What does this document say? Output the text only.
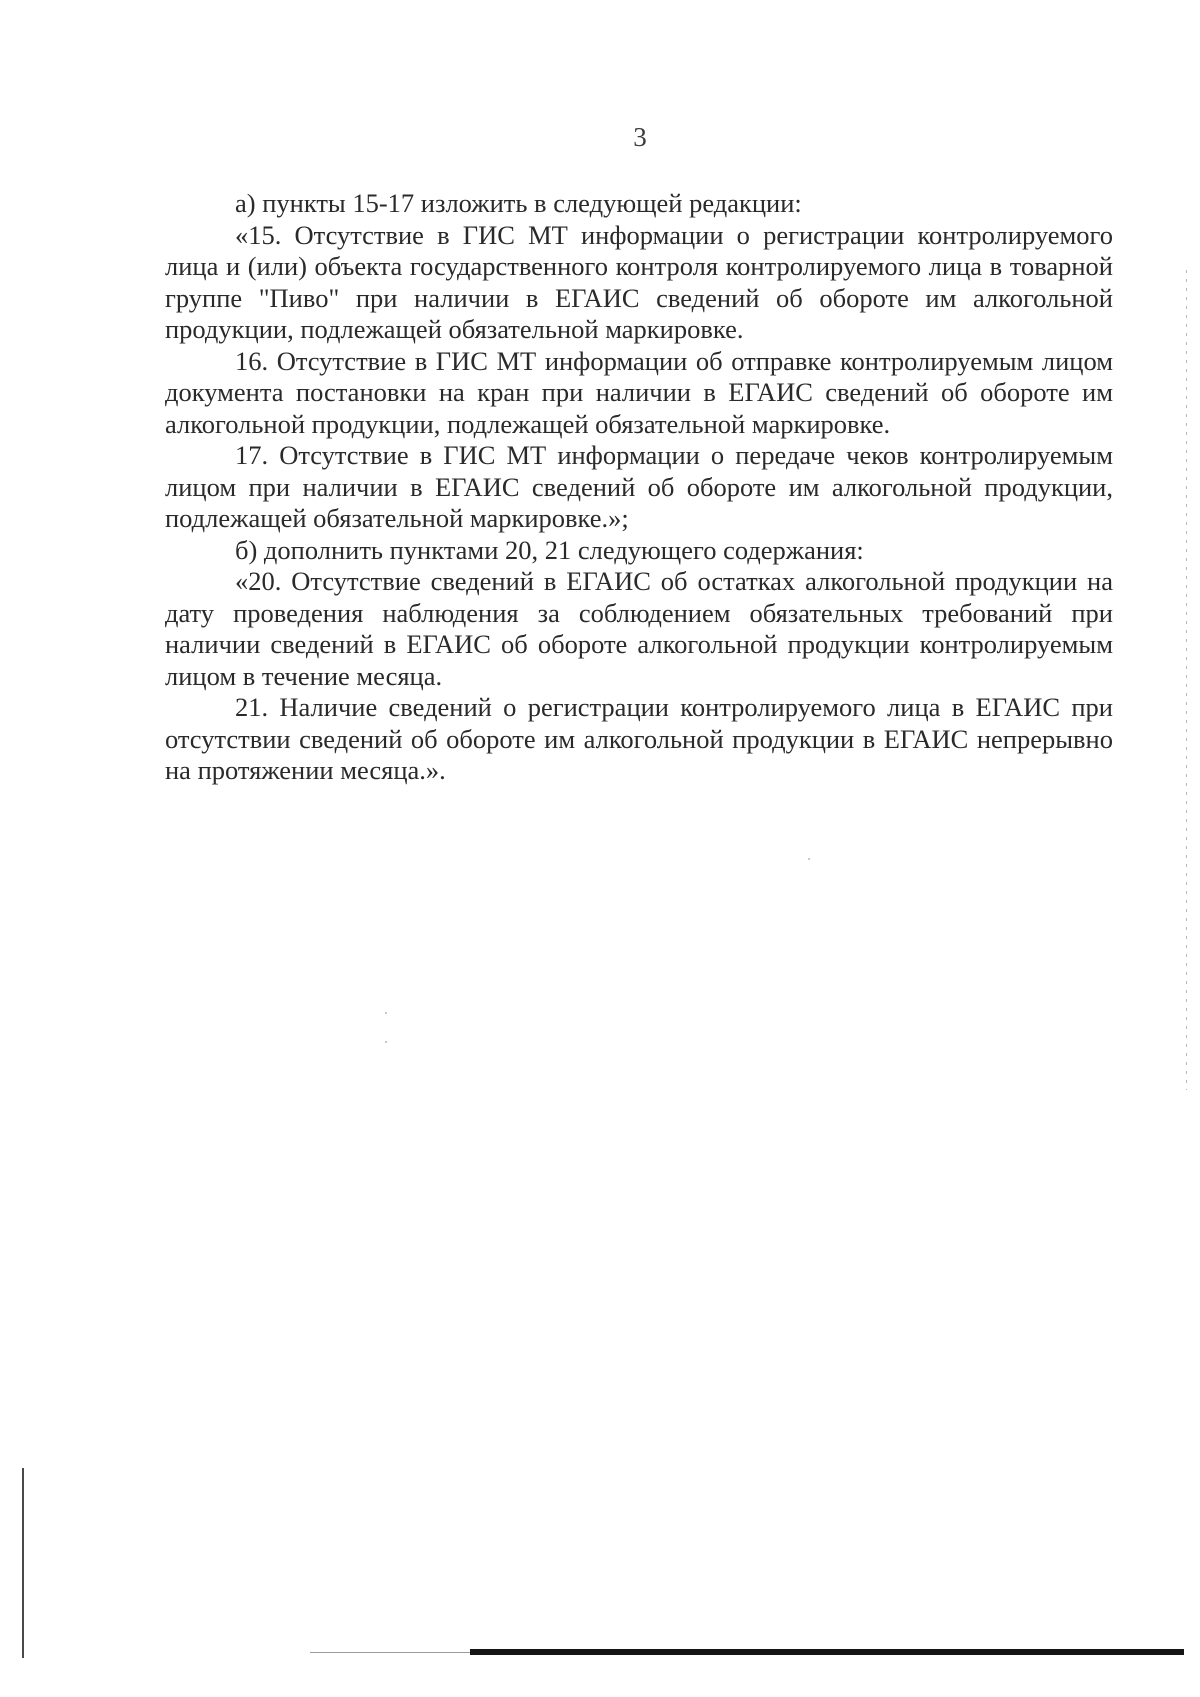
3

а) пункты 15-17 изложить в следующей редакции:

«15. Отсутствие в ГИС МТ информации о регистрации контролируемого лица и (или) объекта государственного контроля контролируемого лица в товарной группе "Пиво" при наличии в ЕГАИС сведений об обороте им алкогольной продукции, подлежащей обязательной маркировке.

16. Отсутствие в ГИС МТ информации об отправке контролируемым лицом документа постановки на кран при наличии в ЕГАИС сведений об обороте им алкогольной продукции, подлежащей обязательной маркировке.

17. Отсутствие в ГИС МТ информации о передаче чеков контролируемым лицом при наличии в ЕГАИС сведений об обороте им алкогольной продукции, подлежащей обязательной маркировке.»;

б) дополнить пунктами 20, 21 следующего содержания:

«20. Отсутствие сведений в ЕГАИС об остатках алкогольной продукции на дату проведения наблюдения за соблюдением обязательных требований при наличии сведений в ЕГАИС об обороте алкогольной продукции контролируемым лицом в течение месяца.

21. Наличие сведений о регистрации контролируемого лица в ЕГАИС при отсутствии сведений об обороте им алкогольной продукции в ЕГАИС непрерывно на протяжении месяца.».
